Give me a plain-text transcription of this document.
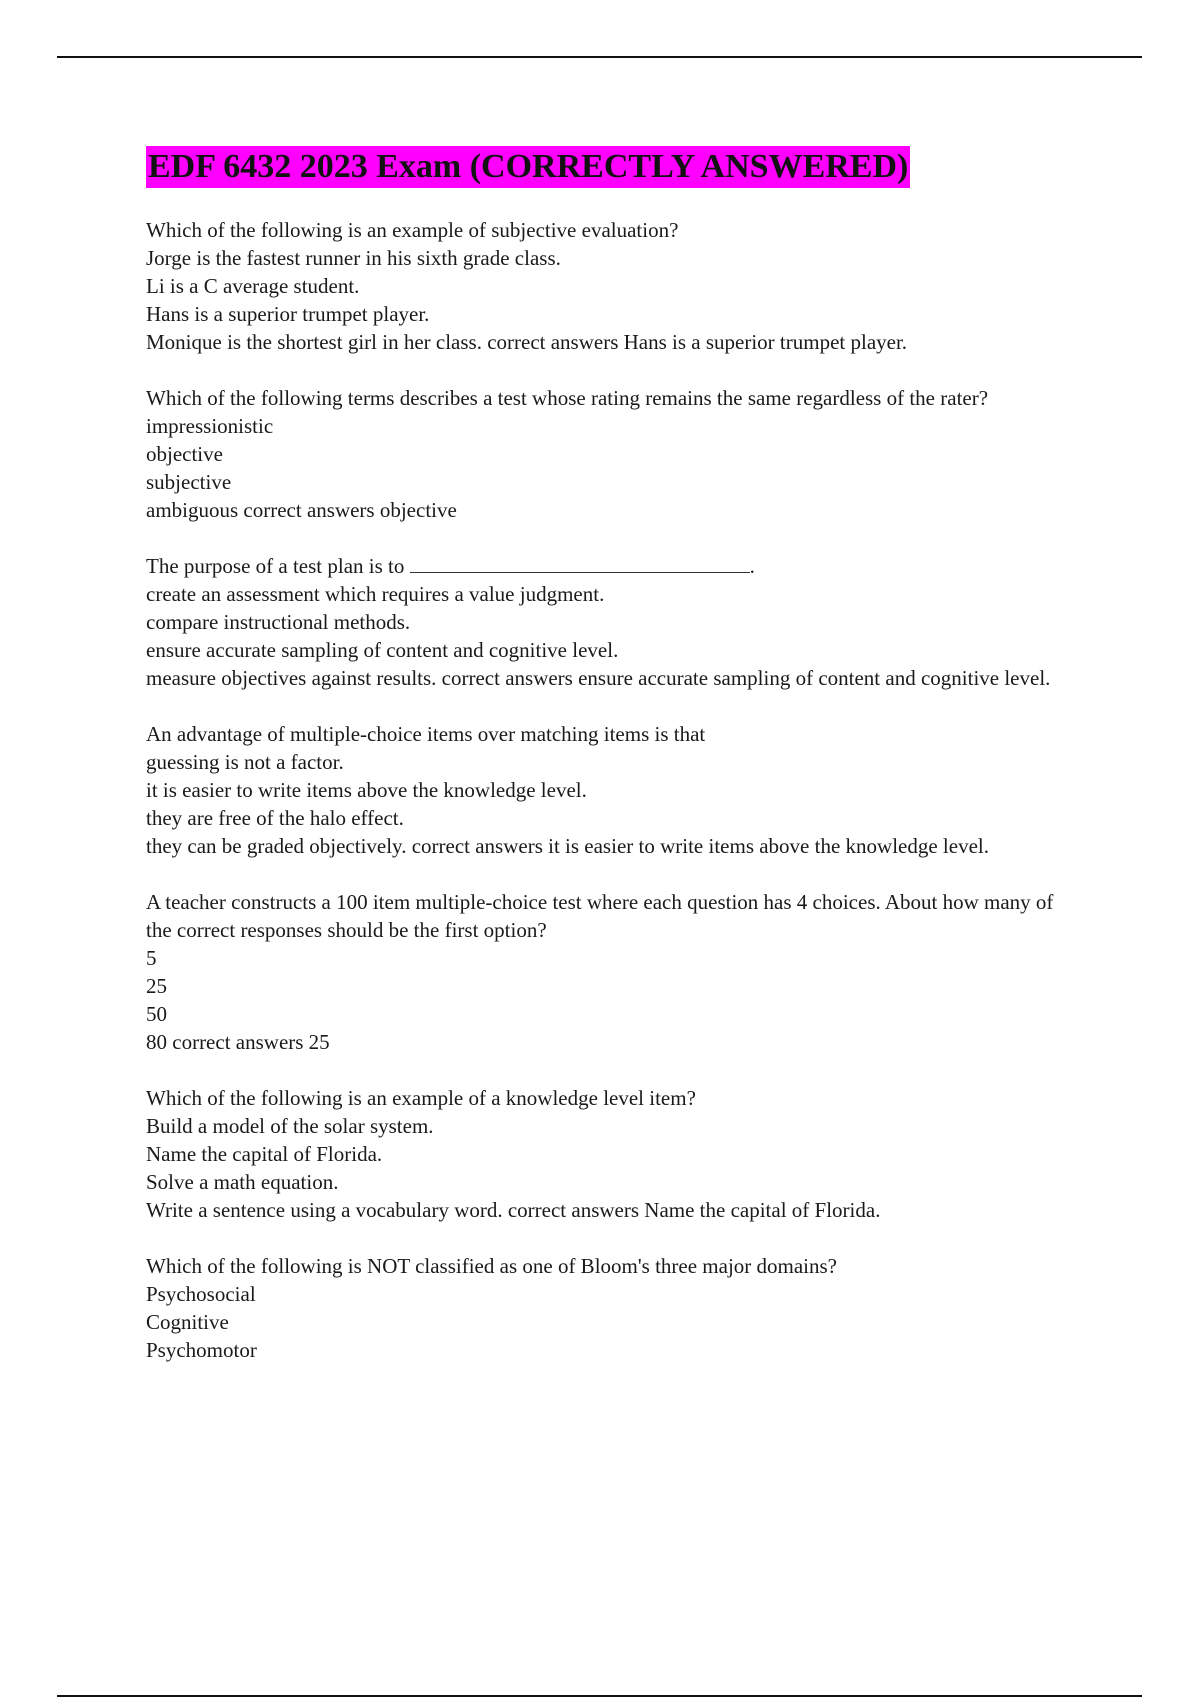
EDF 6432 2023 Exam (CORRECTLY ANSWERED)
Which of the following is an example of subjective evaluation?
Jorge is the fastest runner in his sixth grade class.
Li is a C average student.
Hans is a superior trumpet player.
Monique is the shortest girl in her class. correct answers Hans is a superior trumpet player.
Which of the following terms describes a test whose rating remains the same regardless of the rater?
impressionistic
objective
subjective
ambiguous correct answers objective
The purpose of a test plan is to	.
create an assessment which requires a value judgment.
compare instructional methods.
ensure accurate sampling of content and cognitive level.
measure objectives against results. correct answers ensure accurate sampling of content and cognitive level.
An advantage of multiple-choice items over matching items is that
guessing is not a factor.
it is easier to write items above the knowledge level.
they are free of the halo effect.
they can be graded objectively. correct answers it is easier to write items above the knowledge level.
A teacher constructs a 100 item multiple-choice test where each question has 4 choices. About how many of the correct responses should be the first option?
5
25
50
80 correct answers 25
Which of the following is an example of a knowledge level item?
Build a model of the solar system.
Name the capital of Florida.
Solve a math equation.
Write a sentence using a vocabulary word. correct answers Name the capital of Florida.
Which of the following is NOT classified as one of Bloom's three major domains?
Psychosocial
Cognitive
Psychomotor
